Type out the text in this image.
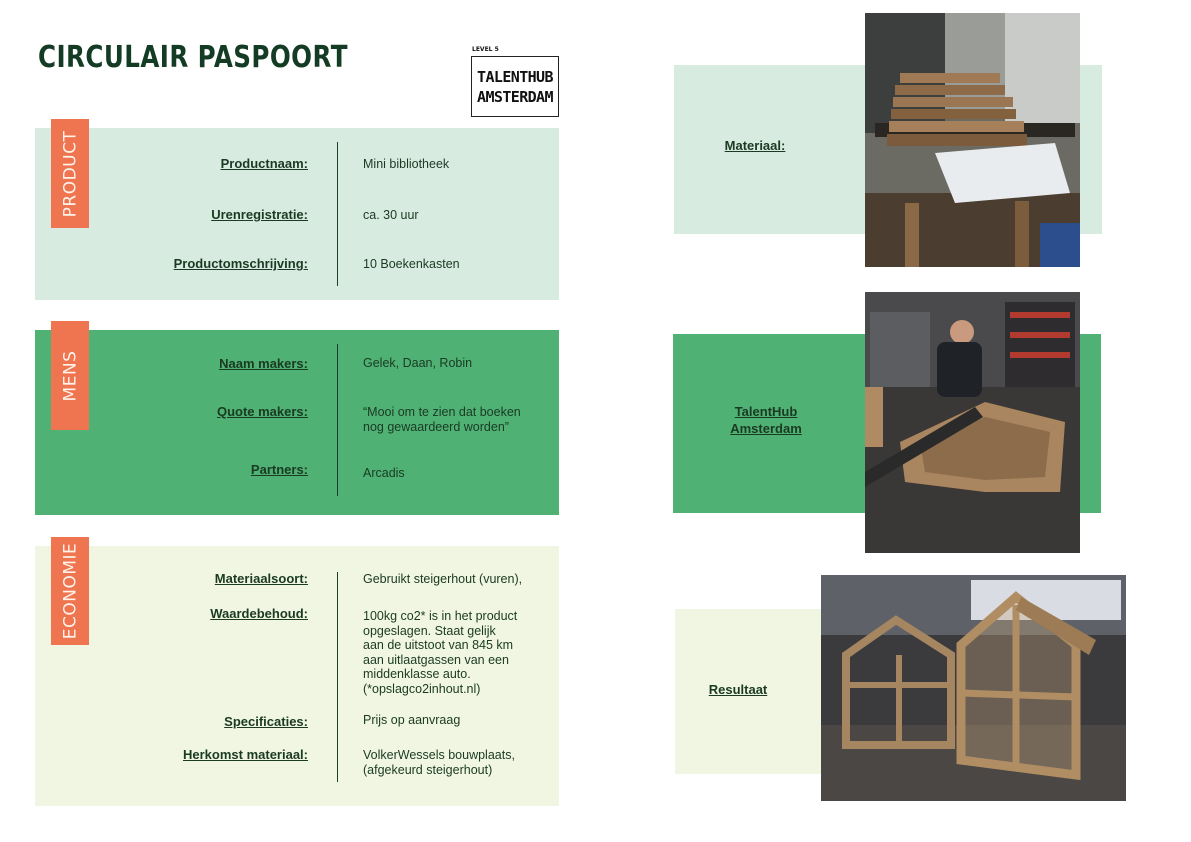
CIRCULAIR PASPOORT	LEVEL 5
TALENTHUB
AMSTERDAM
PRODUCT	Productnaam:	Mini bibliotheek
Urenregistratie:	ca. 30 uur
Productomschrijving:	10 Boekenkasten
MENS	Naam makers:	Gelek, Daan, Robin
Quote makers:	“Mooi om te zien dat boeken
nog gewaardeerd worden”
Partners:	Arcadis
ECONOMIE	Materiaalsoort:	Gebruikt steigerhout (vuren),
Waardebehoud:	100kg co2* is in het product
opgeslagen. Staat gelijk
aan de uitstoot van 845 km
aan uitlaatgassen van een
middenklasse auto.
(*opslagco2inhout.nl)
Specificaties:	Prijs op aanvraag
Herkomst materiaal:	VolkerWessels bouwplaats,
(afgekeurd steigerhout)
Materiaal:
TalentHub
Amsterdam
Resultaat
